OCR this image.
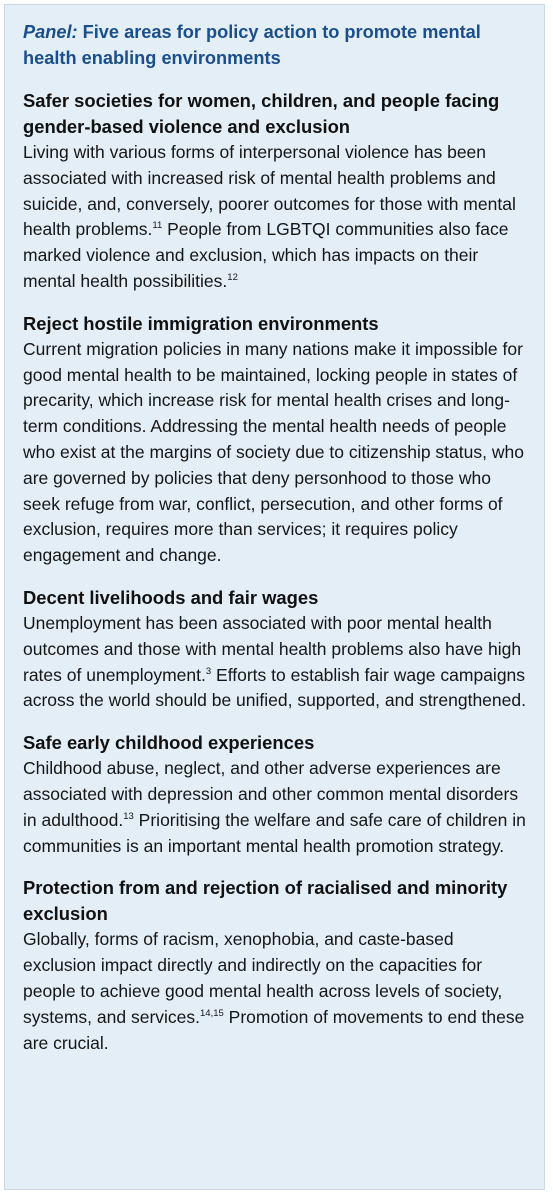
Panel: Five areas for policy action to promote mental health enabling environments
Safer societies for women, children, and people facing gender-based violence and exclusion
Living with various forms of interpersonal violence has been associated with increased risk of mental health problems and suicide, and, conversely, poorer outcomes for those with mental health problems.$^{11}$ People from LGBTQI communities also face marked violence and exclusion, which has impacts on their mental health possibilities.$^{12}$
Reject hostile immigration environments
Current migration policies in many nations make it impossible for good mental health to be maintained, locking people in states of precarity, which increase risk for mental health crises and long-term conditions. Addressing the mental health needs of people who exist at the margins of society due to citizenship status, who are governed by policies that deny personhood to those who seek refuge from war, conflict, persecution, and other forms of exclusion, requires more than services; it requires policy engagement and change.
Decent livelihoods and fair wages
Unemployment has been associated with poor mental health outcomes and those with mental health problems also have high rates of unemployment.$^3$ Efforts to establish fair wage campaigns across the world should be unified, supported, and strengthened.
Safe early childhood experiences
Childhood abuse, neglect, and other adverse experiences are associated with depression and other common mental disorders in adulthood.$^{13}$ Prioritising the welfare and safe care of children in communities is an important mental health promotion strategy.
Protection from and rejection of racialised and minority exclusion
Globally, forms of racism, xenophobia, and caste-based exclusion impact directly and indirectly on the capacities for people to achieve good mental health across levels of society, systems, and services.$^{14,15}$ Promotion of movements to end these are crucial.
